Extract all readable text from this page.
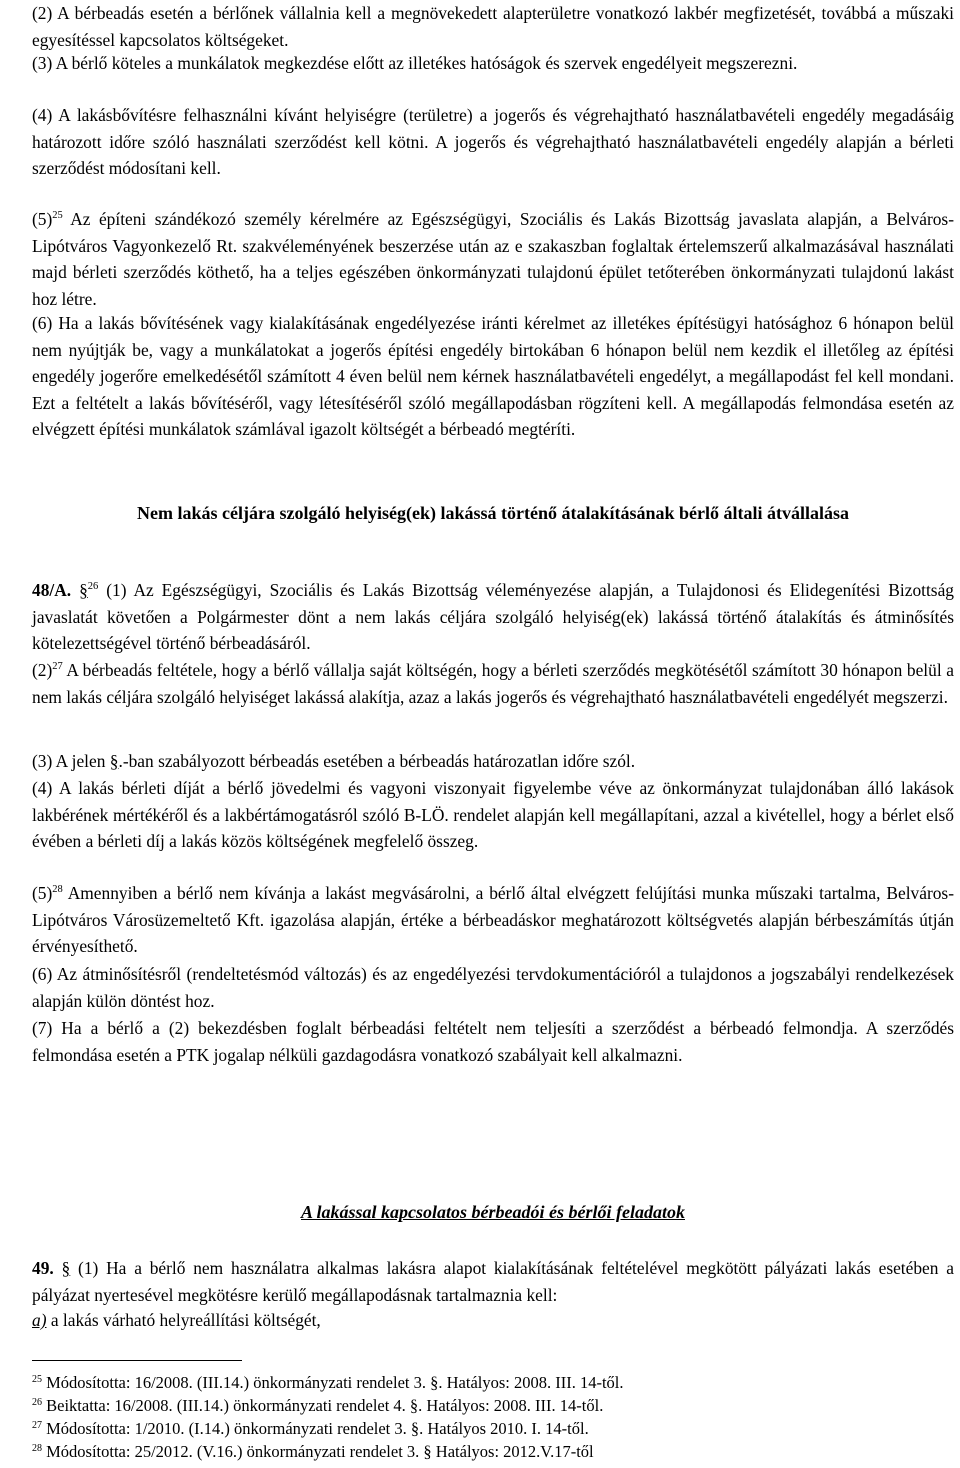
(2) A bérbeadás esetén a bérlőnek vállalnia kell a megnövekedett alapterületre vonatkozó lakbér megfizetését, továbbá a műszaki egyesítéssel kapcsolatos költségeket.
(3) A bérlő köteles a munkálatok megkezdése előtt az illetékes hatóságok és szervek engedélyeit megszerezni.
(4) A lakásbővítésre felhasználni kívánt helyiségre (területre) a jogerős és végrehajtható használatbavételi engedély megadásáig határozott időre szóló használati szerződést kell kötni. A jogerős és végrehajtható használatbavételi engedély alapján a bérleti szerződést módosítani kell.
$(5)^{25}$ Az építeni szándékozó személy kérelmére az Egészségügyi, Szociális és Lakás Bizottság javaslata alapján, a Belváros-Lipótváros Vagyonkezelő Rt. szakvéleményének beszerzése után az e szakaszban foglaltak értelemszerű alkalmazásával használati majd bérleti szerződés köthető, ha a teljes egészében önkormányzati tulajdonú épület tetőterében önkormányzati tulajdonú lakást hoz létre.
(6) Ha a lakás bővítésének vagy kialakításának engedélyezése iránti kérelmet az illetékes építésügyi hatósághoz 6 hónapon belül nem nyújtják be, vagy a munkálatokat a jogerős építési engedély birtokában 6 hónapon belül nem kezdik el illetőleg az építési engedély jogerőre emelkedésétől számított 4 éven belül nem kérnek használatbavételi engedélyt, a megállapodást fel kell mondani. Ezt a feltételt a lakás bővítéséről, vagy létesítéséről szóló megállapodásban rögzíteni kell. A megállapodás felmondása esetén az elvégzett építési munkálatok számlával igazolt költségét a bérbeadó megtéríti.
Nem lakás céljára szolgáló helyiség(ek) lakássá történő átalakításának bérlő általi átvállalása
48/A. §$^{26}$ (1) Az Egészségügyi, Szociális és Lakás Bizottság véleményezése alapján, a Tulajdonosi és Elidegenítési Bizottság javaslatát követően a Polgármester dönt a nem lakás céljára szolgáló helyiség(ek) lakássá történő átalakítás és átminősítés kötelezettségével történő bérbeadásáról.
$(2)^{27}$ A bérbeadás feltétele, hogy a bérlő vállalja saját költségén, hogy a bérleti szerződés megkötésétől számított 30 hónapon belül a nem lakás céljára szolgáló helyiséget lakássá alakítja, azaz a lakás jogerős és végrehajtható használatbavételi engedélyét megszerzi.
(3) A jelen §.-ban szabályozott bérbeadás esetében a bérbeadás határozatlan időre szól.
(4) A lakás bérleti díját a bérlő jövedelmi és vagyoni viszonyait figyelembe véve az önkormányzat tulajdonában álló lakások lakbérének mértékéről és a lakbértámogatásról szóló B-LÖ. rendelet alapján kell megállapítani, azzal a kivétellel, hogy a bérlet első évében a bérleti díj a lakás közös költségének megfelelő összeg.
$(5)^{28}$ Amennyiben a bérlő nem kívánja a lakást megvásárolni, a bérlő által elvégzett felújítási munka műszaki tartalma, Belváros-Lipótváros Városüzemeltető Kft. igazolása alapján, értéke a bérbeadáskor meghatározott költségvetés alapján bérbeszámítás útján érvényesíthető.
(6) Az átminősítésről (rendeltetésmód változás) és az engedélyezési tervdokumentációról a tulajdonos a jogszabályi rendelkezések alapján külön döntést hoz.
(7) Ha a bérlő a (2) bekezdésben foglalt bérbeadási feltételt nem teljesíti a szerződést a bérbeadó felmondja. A szerződés felmondása esetén a PTK jogalap nélküli gazdagodásra vonatkozó szabályait kell alkalmazni.
A lakással kapcsolatos bérbeadói és bérlői feladatok
49. § (1) Ha a bérlő nem használatra alkalmas lakásra alapot kialakításának feltételével megkötött pályázati lakás esetében a pályázat nyertesével megkötésre kerülő megállapodásnak tartalmaznia kell:
a) a lakás várható helyreállítási költségét,
$^{25}$ Módosította: 16/2008. (III.14.) önkormányzati rendelet 3. §. Hatályos: 2008. III. 14-től.
$^{26}$ Beiktatta: 16/2008. (III.14.) önkormányzati rendelet 4. §. Hatályos: 2008. III. 14-től.
$^{27}$ Módosította: 1/2010. (I.14.) önkormányzati rendelet 3. §. Hatályos 2010. I. 14-től.
$^{28}$ Módosította: 25/2012. (V.16.) önkormányzati rendelet 3. § Hatályos: 2012.V.17-től
